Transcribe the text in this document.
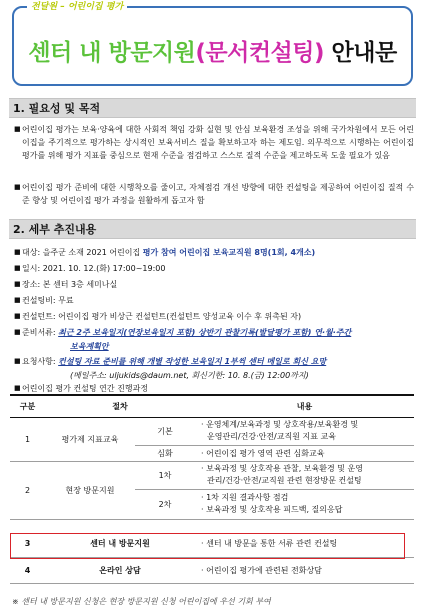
전달원 – 어린이집 평가
센터 내 방문지원(문서컨설팅) 안내문
1. 필요성 및 목적
■ 어린이집 평가는 보육·양육에 대한 사회적 책임 강화 실현 및 안심 보육환경 조성을 위해 국가차원에서 모든 어린이집을 주기적으로 평가하는 상시적인 보육서비스 질을 확보하고자 하는 제도임. 의무적으로 시행하는 어린이집 평가를 위해 평가 지표를 중심으로 현재 수준을 점검하고 스스로 질적 수준을 제고하도록 도울 필요가 있음
■ 어린이집 평가 준비에 대한 시행착오를 줄이고, 자체점검 개선 방향에 대한 컨설팅을 제공하여 어린이집 질적 수준 향상 및 어린이집 평가 과정을 원활하게 돕고자 함
2. 세부 추진내용
■ 대상: 을주군 소재 2021 어린이집 평가 참여 어린이집 보육교직원 8명(1회, 4개소)
■ 일시: 2021. 10. 12.(화) 17:00~19:00
■ 장소: 본 센터 3층 세미나실
■ 컨설팅비: 무료
■ 컨설턴트: 어린이집 평가 비상근 컨설턴트(컨설턴트 양성교육 이수 후 위촉된 자)
■ 준비서류: 최근 2주 보육일지(연장보육일지 포함) 상반기 관찰기록(발달평가 포함) 연·월·주간
보육계획안
■ 요청사항: 컨설팅 자료 준비를 위해 개별 작성한 보육일지 1부씩 센터 메일로 회신 요망
(메일주소: uljukids@daum.net, 회신기한: 10. 8.(금) 12:00까지)
■ 어린이집 평가 컨설팅 연간 진행과정
구분	절차		내용
1	평가제 지표교육	기본	· 운영체계/보육과정 및 상호작용/보육환경 및
운영관리/건강·안전/교직원 지표 교육

		심화	· 어린이집 평가 영역 관련 심화교육
2	현장 방문지원	1차	· 보육과정 및 상호작용 관찰, 보육환경 및 운영
관리/건강·안전/교직원 관련 현장방문 컨설팅

		2차	· 1차 지원 결과사항 점검
· 보육과정 및 상호작용 피드백, 질의응답

3	센터 내 방문지원		· 센터 내 방문을 통한 서류 관련 컨설팅
4	온라인 상담		· 어린이집 평가에 관련된 전화상담
※ 센터 내 방문지원 신청은 현장 방문지원 신청 어린이집에 우선 기회 부여
